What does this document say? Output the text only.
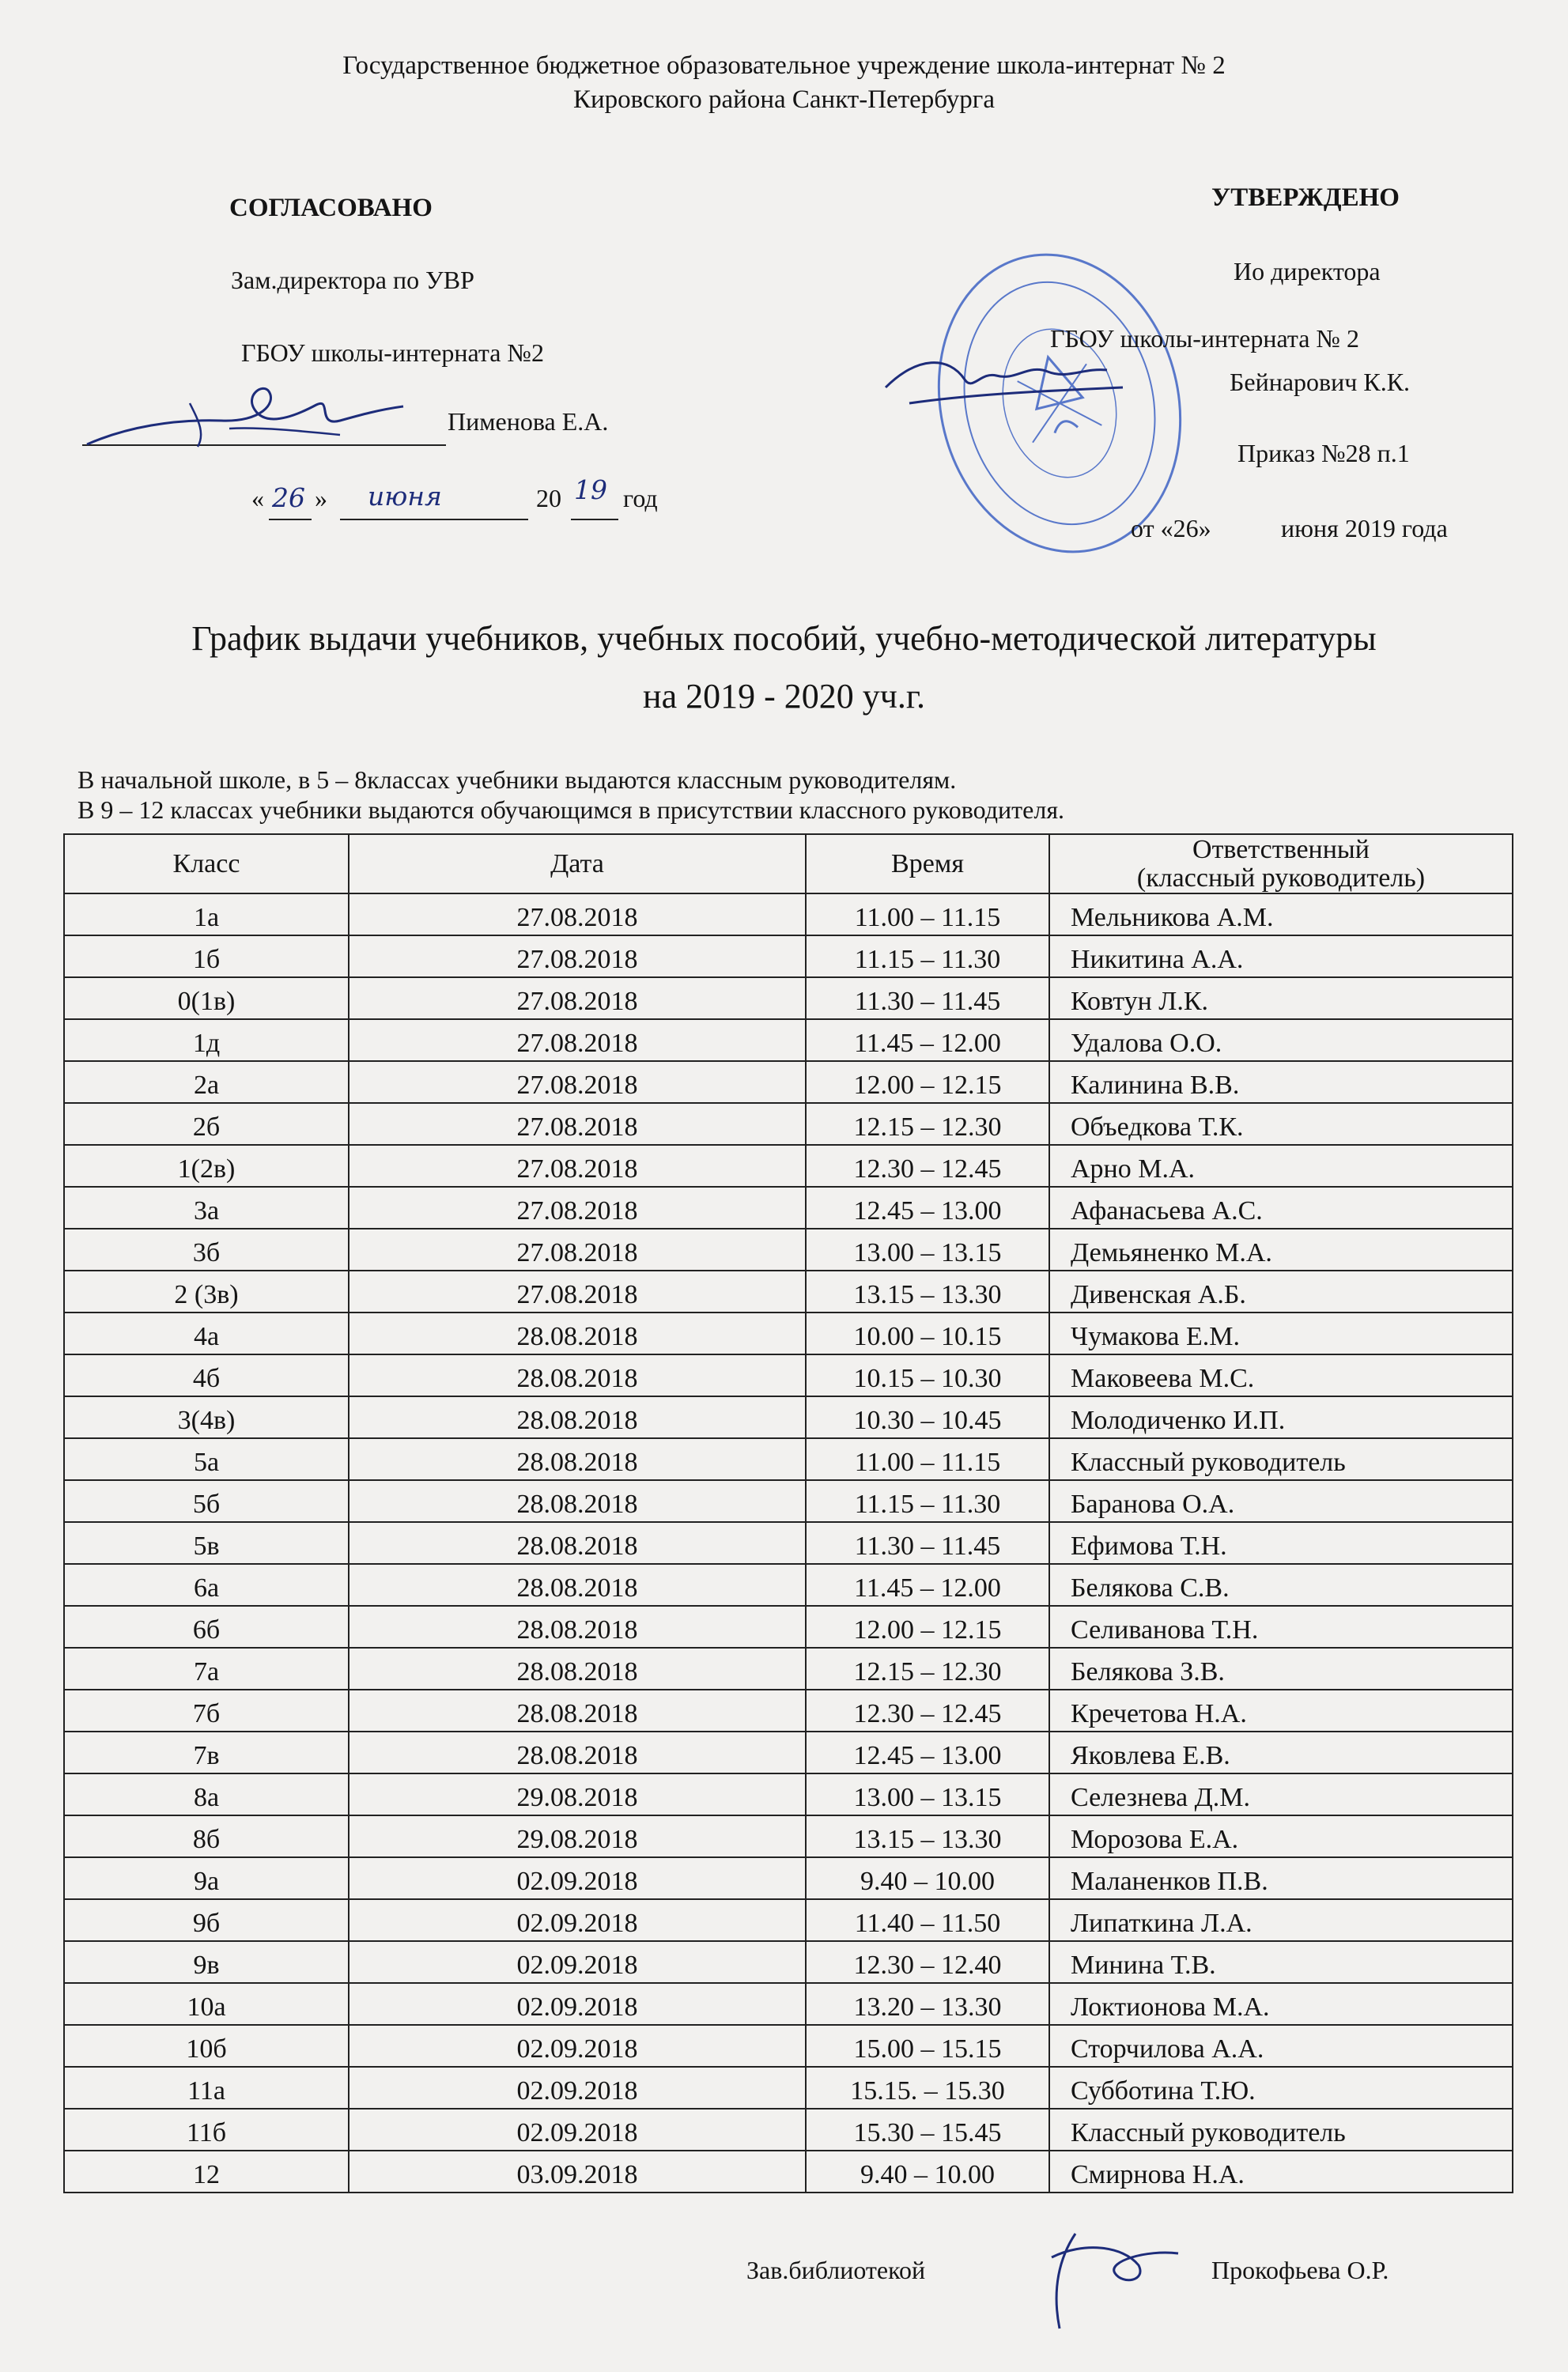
Государственное бюджетное образовательное учреждение школа-интернат № 2
Кировского района Санкт-Петербурга
СОГЛАСОВАНО
Зам.директора по УВР
ГБОУ школы-интерната №2
Пименова Е.А.
« 26 » июня	20 19 год
УТВЕРЖДЕНО
Ио директора
ГБОУ школы-интерната № 2
Бейнарович К.К.
Приказ №28 п.1
от «26»	июня 2019 года
График выдачи учебников, учебных пособий, учебно-методической литературы
на 2019 - 2020 уч.г.
В начальной школе, в 5 – 8классах учебники выдаются классным руководителям.
В 9 – 12 классах учебники выдаются обучающимся в присутствии классного руководителя.
Класс	Дата	Время	Ответственный
(классный руководитель)

1а	27.08.2018	11.00 – 11.15	Мельникова А.М.
1б	27.08.2018	11.15 – 11.30	Никитина А.А.
0(1в)	27.08.2018	11.30 – 11.45	Ковтун Л.К.
1д	27.08.2018	11.45 – 12.00	Удалова О.О.
2а	27.08.2018	12.00 – 12.15	Калинина В.В.
2б	27.08.2018	12.15 – 12.30	Объедкова Т.К.
1(2в)	27.08.2018	12.30 – 12.45	Арно М.А.
3а	27.08.2018	12.45 – 13.00	Афанасьева А.С.
3б	27.08.2018	13.00 – 13.15	Демьяненко М.А.
2 (3в)	27.08.2018	13.15 – 13.30	Дивенская А.Б.
4а	28.08.2018	10.00 – 10.15	Чумакова Е.М.
4б	28.08.2018	10.15 – 10.30	Маковеева М.С.
3(4в)	28.08.2018	10.30 – 10.45	Молодиченко И.П.
5а	28.08.2018	11.00 – 11.15	Классный руководитель
5б	28.08.2018	11.15 – 11.30	Баранова О.А.
5в	28.08.2018	11.30 – 11.45	Ефимова Т.Н.
6а	28.08.2018	11.45 – 12.00	Белякова С.В.
6б	28.08.2018	12.00 – 12.15	Селиванова Т.Н.
7а	28.08.2018	12.15 – 12.30	Белякова З.В.
7б	28.08.2018	12.30 – 12.45	Кречетова Н.А.
7в	28.08.2018	12.45 – 13.00	Яковлева Е.В.
8а	29.08.2018	13.00 – 13.15	Селезнева Д.М.
8б	29.08.2018	13.15 – 13.30	Морозова Е.А.
9а	02.09.2018	9.40 – 10.00	Маланенков П.В.
9б	02.09.2018	11.40 – 11.50	Липаткина Л.А.
9в	02.09.2018	12.30 – 12.40	Минина Т.В.
10а	02.09.2018	13.20 – 13.30	Локтионова М.А.
10б	02.09.2018	15.00 – 15.15	Сторчилова А.А.
11а	02.09.2018	15.15. – 15.30	Субботина Т.Ю.
11б	02.09.2018	15.30 – 15.45	Классный руководитель
12	03.09.2018	9.40 – 10.00	Смирнова Н.А.
Зав.библиотекой	Прокофьева О.Р.
